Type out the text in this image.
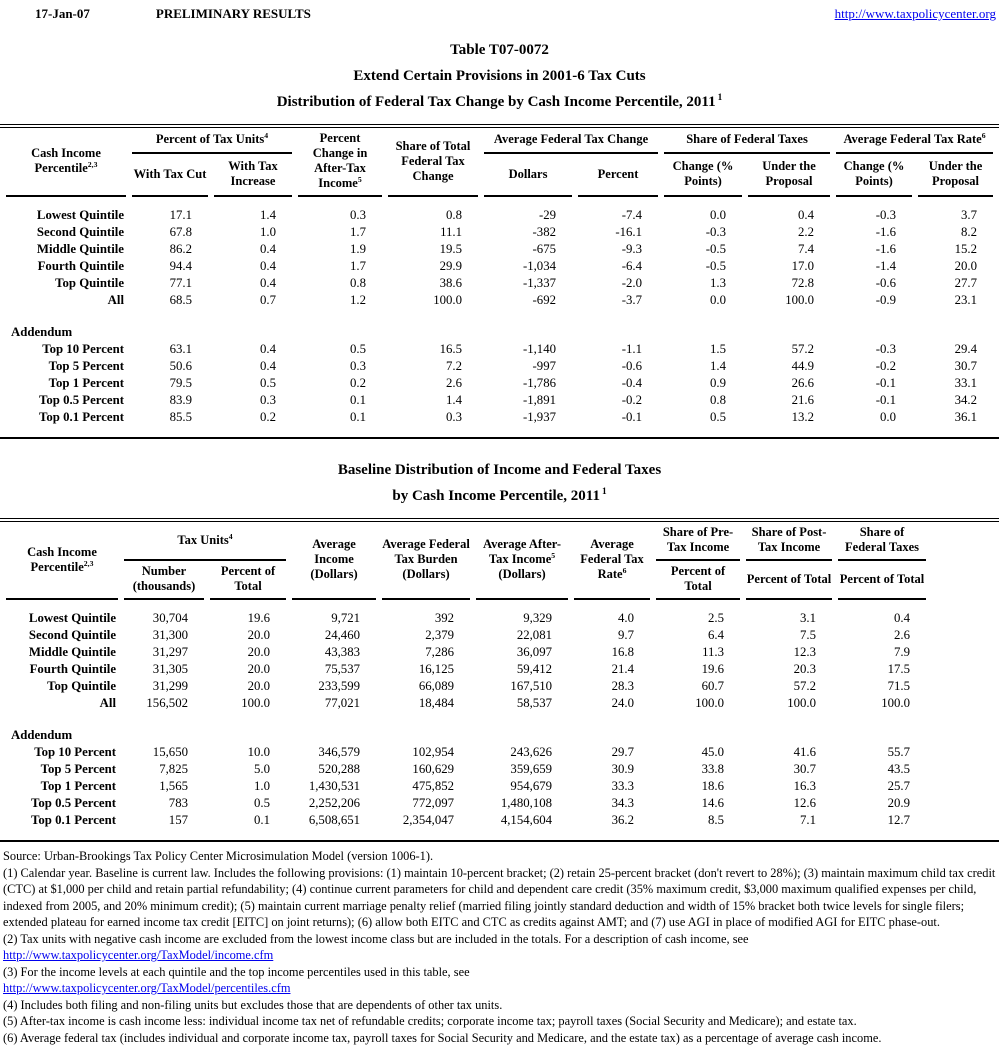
17-Jan-07	PRELIMINARY RESULTS	http://www.taxpolicycenter.org
Table T07-0072
Extend Certain Provisions in 2001-6 Tax Cuts
Distribution of Federal Tax Change by Cash Income Percentile, 2011 $^1$
Cash Income Percentile$^{2,3}$	Percent of Tax Units$^4$		Percent Change in After-Tax Income$^5$	Share of Total Federal Tax Change	Average Federal Tax Change		Share of Federal Taxes		Average Federal Tax Rate$^6$
	With Tax Cut	With Tax Increase			Dollars	Percent	Change (% Points)	Under the Proposal	Change (% Points)	Under the Proposal
Lowest Quintile	17.1	1.4	0.3	0.8	-29	-7.4	0.0	0.4	-0.3	3.7
Second Quintile	67.8	1.0	1.7	11.1	-382	-16.1	-0.3	2.2	-1.6	8.2
Middle Quintile	86.2	0.4	1.9	19.5	-675	-9.3	-0.5	7.4	-1.6	15.2
Fourth Quintile	94.4	0.4	1.7	29.9	-1,034	-6.4	-0.5	17.0	-1.4	20.0
Top Quintile	77.1	0.4	0.8	38.6	-1,337	-2.0	1.3	72.8	-0.6	27.7
All	68.5	0.7	1.2	100.0	-692	-3.7	0.0	100.0	-0.9	23.1

Addendum										
Top 10 Percent	63.1	0.4	0.5	16.5	-1,140	-1.1	1.5	57.2	-0.3	29.4
Top 5 Percent	50.6	0.4	0.3	7.2	-997	-0.6	1.4	44.9	-0.2	30.7
Top 1 Percent	79.5	0.5	0.2	2.6	-1,786	-0.4	0.9	26.6	-0.1	33.1
Top 0.5 Percent	83.9	0.3	0.1	1.4	-1,891	-0.2	0.8	21.6	-0.1	34.2
Top 0.1 Percent	85.5	0.2	0.1	0.3	-1,937	-0.1	0.5	13.2	0.0	36.1
Baseline Distribution of Income and Federal Taxes
by Cash Income Percentile, 2011 $^1$
Cash Income Percentile$^{2,3}$	Tax Units$^4$		Average Income (Dollars)	Average Federal Tax Burden (Dollars)	Average After-Tax Income$^5$ (Dollars)	Average Federal Tax Rate$^6$	Share of Pre-Tax Income	Share of Post-Tax Income	Share of Federal Taxes
	Number (thousands)	Percent of Total					Percent of Total	Percent of Total	Percent of Total
Lowest Quintile	30,704	19.6	9,721	392	9,329	4.0	2.5	3.1	0.4
Second Quintile	31,300	20.0	24,460	2,379	22,081	9.7	6.4	7.5	2.6
Middle Quintile	31,297	20.0	43,383	7,286	36,097	16.8	11.3	12.3	7.9
Fourth Quintile	31,305	20.0	75,537	16,125	59,412	21.4	19.6	20.3	17.5
Top Quintile	31,299	20.0	233,599	66,089	167,510	28.3	60.7	57.2	71.5
All	156,502	100.0	77,021	18,484	58,537	24.0	100.0	100.0	100.0

Addendum									
Top 10 Percent	15,650	10.0	346,579	102,954	243,626	29.7	45.0	41.6	55.7
Top 5 Percent	7,825	5.0	520,288	160,629	359,659	30.9	33.8	30.7	43.5
Top 1 Percent	1,565	1.0	1,430,531	475,852	954,679	33.3	18.6	16.3	25.7
Top 0.5 Percent	783	0.5	2,252,206	772,097	1,480,108	34.3	14.6	12.6	20.9
Top 0.1 Percent	157	0.1	6,508,651	2,354,047	4,154,604	36.2	8.5	7.1	12.7
Source: Urban-Brookings Tax Policy Center Microsimulation Model (version 1006-1).
(1) Calendar year. Baseline is current law. Includes the following provisions: (1) maintain 10-percent bracket; (2) retain 25-percent bracket (don't revert to 28%); (3) maintain maximum child tax credit (CTC) at $1,000 per child and retain partial refundability; (4) continue current parameters for child and dependent care credit (35% maximum credit, $3,000 maximum qualified expenses per child, indexed from 2005, and 20% minimum credit); (5) maintain current marriage penalty relief (married filing jointly standard deduction and width of 15% bracket both twice levels for single filers; extended plateau for earned income tax credit [EITC] on joint returns); (6) allow both EITC and CTC as credits against AMT; and (7) use AGI in place of modified AGI for EITC phase-out.
(2) Tax units with negative cash income are excluded from the lowest income class but are included in the totals. For a description of cash income, see
http://www.taxpolicycenter.org/TaxModel/income.cfm
(3) For the income levels at each quintile and the top income percentiles used in this table, see
http://www.taxpolicycenter.org/TaxModel/percentiles.cfm
(4) Includes both filing and non-filing units but excludes those that are dependents of other tax units.
(5) After-tax income is cash income less: individual income tax net of refundable credits; corporate income tax; payroll taxes (Social Security and Medicare); and estate tax.
(6) Average federal tax (includes individual and corporate income tax, payroll taxes for Social Security and Medicare, and the estate tax) as a percentage of average cash income.
